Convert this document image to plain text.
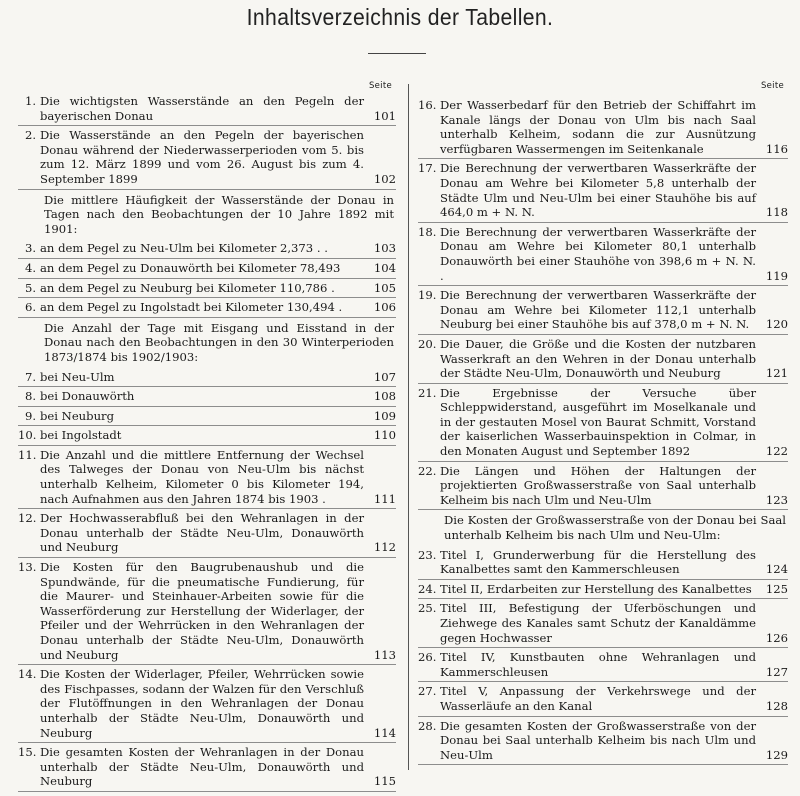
Inhaltsverzeichnis der Tabellen.
Seite
1. Die wichtigsten Wasserstände an den Pegeln der bayerischen Donau	101
2. Die Wasserstände an den Pegeln der bayerischen Donau während der Niederwasserperioden vom 5. bis zum 12. März 1899 und vom 26. August bis zum 4. September 1899	102
Die mittlere Häufigkeit der Wasserstände der Donau in Tagen nach den Beobachtungen der 10 Jahre 1892 mit 1901:
3. an dem Pegel zu Neu-Ulm bei Kilometer 2,373 . .	103
4. an dem Pegel zu Donauwörth bei Kilometer 78,493	104
5. an dem Pegel zu Neuburg bei Kilometer 110,786 .	105
6. an dem Pegel zu Ingolstadt bei Kilometer 130,494 .	106
Die Anzahl der Tage mit Eisgang und Eisstand in der Donau nach den Beobachtungen in den 30 Winterperioden 1873/1874 bis 1902/1903:
7. bei Neu-Ulm	107
8. bei Donauwörth	108
9. bei Neuburg	109
10. bei Ingolstadt	110
11. Die Anzahl und die mittlere Entfernung der Wechsel des Talweges der Donau von Neu-Ulm bis nächst unterhalb Kelheim, Kilometer 0 bis Kilometer 194, nach Aufnahmen aus den Jahren 1874 bis 1903 .	111
12. Der Hochwasserabfluß bei den Wehranlagen in der Donau unterhalb der Städte Neu-Ulm, Donauwörth und Neuburg	112
13. Die Kosten für den Baugrubenaushub und die Spundwände, für die pneumatische Fundierung, für die Maurer- und Steinhauer-Arbeiten sowie für die Wasserförderung zur Herstellung der Widerlager, der Pfeiler und der Wehrrücken in den Wehranlagen der Donau unterhalb der Städte Neu-Ulm, Donauwörth und Neuburg	113
14. Die Kosten der Widerlager, Pfeiler, Wehrrücken sowie des Fischpasses, sodann der Walzen für den Verschluß der Flutöffnungen in den Wehranlagen der Donau unterhalb der Städte Neu-Ulm, Donauwörth und Neuburg	114
15. Die gesamten Kosten der Wehranlagen in der Donau unterhalb der Städte Neu-Ulm, Donauwörth und Neuburg	115
Seite
16. Der Wasserbedarf für den Betrieb der Schiffahrt im Kanale längs der Donau von Ulm bis nach Saal unterhalb Kelheim, sodann die zur Ausnützung verfügbaren Wassermengen im Seitenkanale	116
17. Die Berechnung der verwertbaren Wasserkräfte der Donau am Wehre bei Kilometer 5,8 unterhalb der Städte Ulm und Neu-Ulm bei einer Stauhöhe bis auf 464,0 m + N. N.	118
18. Die Berechnung der verwertbaren Wasserkräfte der Donau am Wehre bei Kilometer 80,1 unterhalb Donauwörth bei einer Stauhöhe von 398,6 m + N. N. .	119
19. Die Berechnung der verwertbaren Wasserkräfte der Donau am Wehre bei Kilometer 112,1 unterhalb Neuburg bei einer Stauhöhe bis auf 378,0 m + N. N.	120
20. Die Dauer, die Größe und die Kosten der nutzbaren Wasserkraft an den Wehren in der Donau unterhalb der Städte Neu-Ulm, Donauwörth und Neuburg	121
21. Die Ergebnisse der Versuche über Schleppwiderstand, ausgeführt im Moselkanale und in der gestauten Mosel von Baurat Schmitt, Vorstand der kaiserlichen Wasserbauinspektion in Colmar, in den Monaten August und September 1892	122
22. Die Längen und Höhen der Haltungen der projektierten Großwasserstraße von Saal unterhalb Kelheim bis nach Ulm und Neu-Ulm	123
Die Kosten der Großwasserstraße von der Donau bei Saal unterhalb Kelheim bis nach Ulm und Neu-Ulm:
23. Titel I, Grunderwerbung für die Herstellung des Kanalbettes samt den Kammerschleusen	124
24. Titel II, Erdarbeiten zur Herstellung des Kanalbettes	125
25. Titel III, Befestigung der Uferböschungen und Ziehwege des Kanales samt Schutz der Kanaldämme gegen Hochwasser	126
26. Titel IV, Kunstbauten ohne Wehranlagen und Kammerschleusen	127
27. Titel V, Anpassung der Verkehrswege und der Wasserläufe an den Kanal	128
28. Die gesamten Kosten der Großwasserstraße von der Donau bei Saal unterhalb Kelheim bis nach Ulm und Neu-Ulm	129
